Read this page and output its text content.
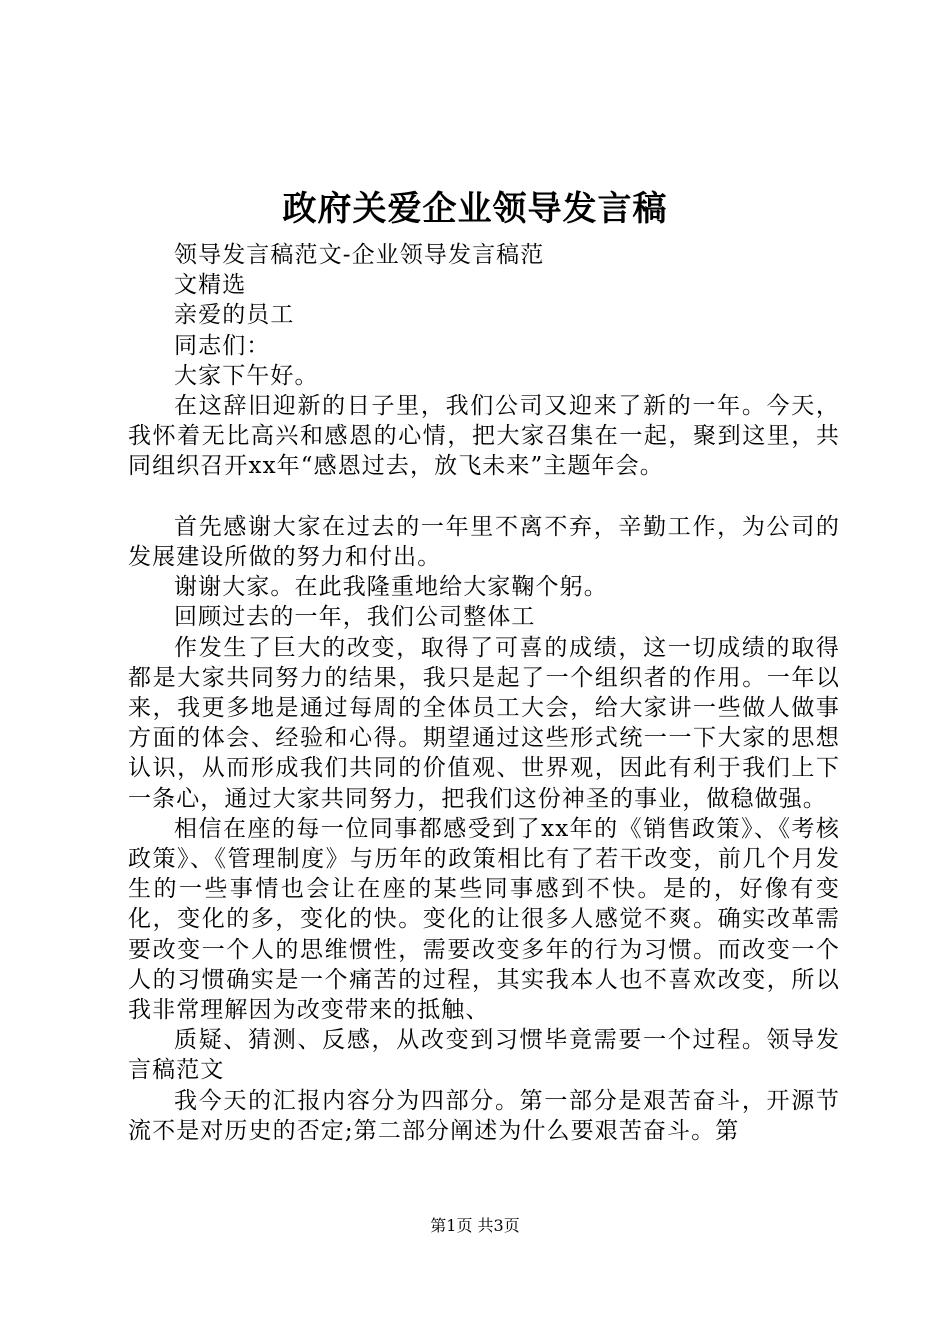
政府关爱企业领导发言稿

领导发言稿范文-企业领导发言稿范

文精选

亲爱的员工

同志们：

大家下午好。

在这辞旧迎新的日子里，我们公司又迎来了新的一年。今天，我怀着无比高兴和感恩的心情，把大家召集在一起，聚到这里，共同组织召开xx年“感恩过去，放飞未来”主题年会。

首先感谢大家在过去的一年里不离不弃，辛勤工作，为公司的发展建设所做的努力和付出。

谢谢大家。在此我隆重地给大家鞠个躬。

回顾过去的一年，我们公司整体工

作发生了巨大的改变，取得了可喜的成绩，这一切成绩的取得都是大家共同努力的结果，我只是起了一个组织者的作用。一年以来，我更多地是通过每周的全体员工大会，给大家讲一些做人做事方面的体会、经验和心得。期望通过这些形式统一一下大家的思想认识，从而形成我们共同的价值观、世界观，因此有利于我们上下一条心，通过大家共同努力，把我们这份神圣的事业，做稳做强。

相信在座的每一位同事都感受到了xx年的《销售政策》、《考核政策》、《管理制度》与历年的政策相比有了若干改变，前几个月发生的一些事情也会让在座的某些同事感到不快。是的，好像有变化，变化的多，变化的快。变化的让很多人感觉不爽。确实改革需要改变一个人的思维惯性，需要改变多年的行为习惯。而改变一个人的习惯确实是一个痛苦的过程，其实我本人也不喜欢改变，所以我非常理解因为改变带来的抵触、

质疑、猜测、反感，从改变到习惯毕竟需要一个过程。领导发言稿范文

我今天的汇报内容分为四部分。第一部分是艰苦奋斗，开源节流不是对历史的否定;第二部分阐述为什么要艰苦奋斗。第

第1页 共3页
